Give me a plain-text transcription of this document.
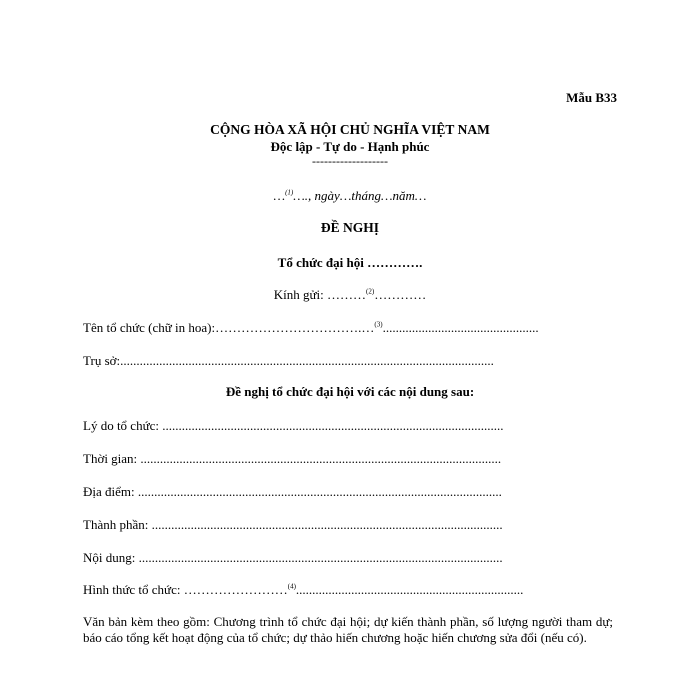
Mẫu B33
CỘNG HÒA XÃ HỘI CHỦ NGHĨA VIỆT NAM
Độc lập - Tự do - Hạnh phúc
-------------------
…$^{(1)}$…., ngày…tháng…năm…
ĐỀ NGHỊ
Tổ chức đại hội ………….
Kính gửi: ………$^{(2)}$…………
Tên tổ chức (chữ in hoa):…………………………….…$^{(3)}$................................................
Trụ sở:...................................................................................................................
Đề nghị tổ chức đại hội với các nội dung sau:
Lý do tổ chức: .........................................................................................................
Thời gian: ...............................................................................................................
Địa điểm: ................................................................................................................
Thành phần: ............................................................................................................
Nội dung: ................................................................................................................
Hình thức tổ chức: ……………………$^{(4)}$......................................................................
Văn bản kèm theo gồm: Chương trình tổ chức đại hội; dự kiến thành phần, số lượng người tham dự; báo cáo tổng kết hoạt động của tổ chức; dự thảo hiến chương hoặc hiến chương sửa đổi (nếu có).
